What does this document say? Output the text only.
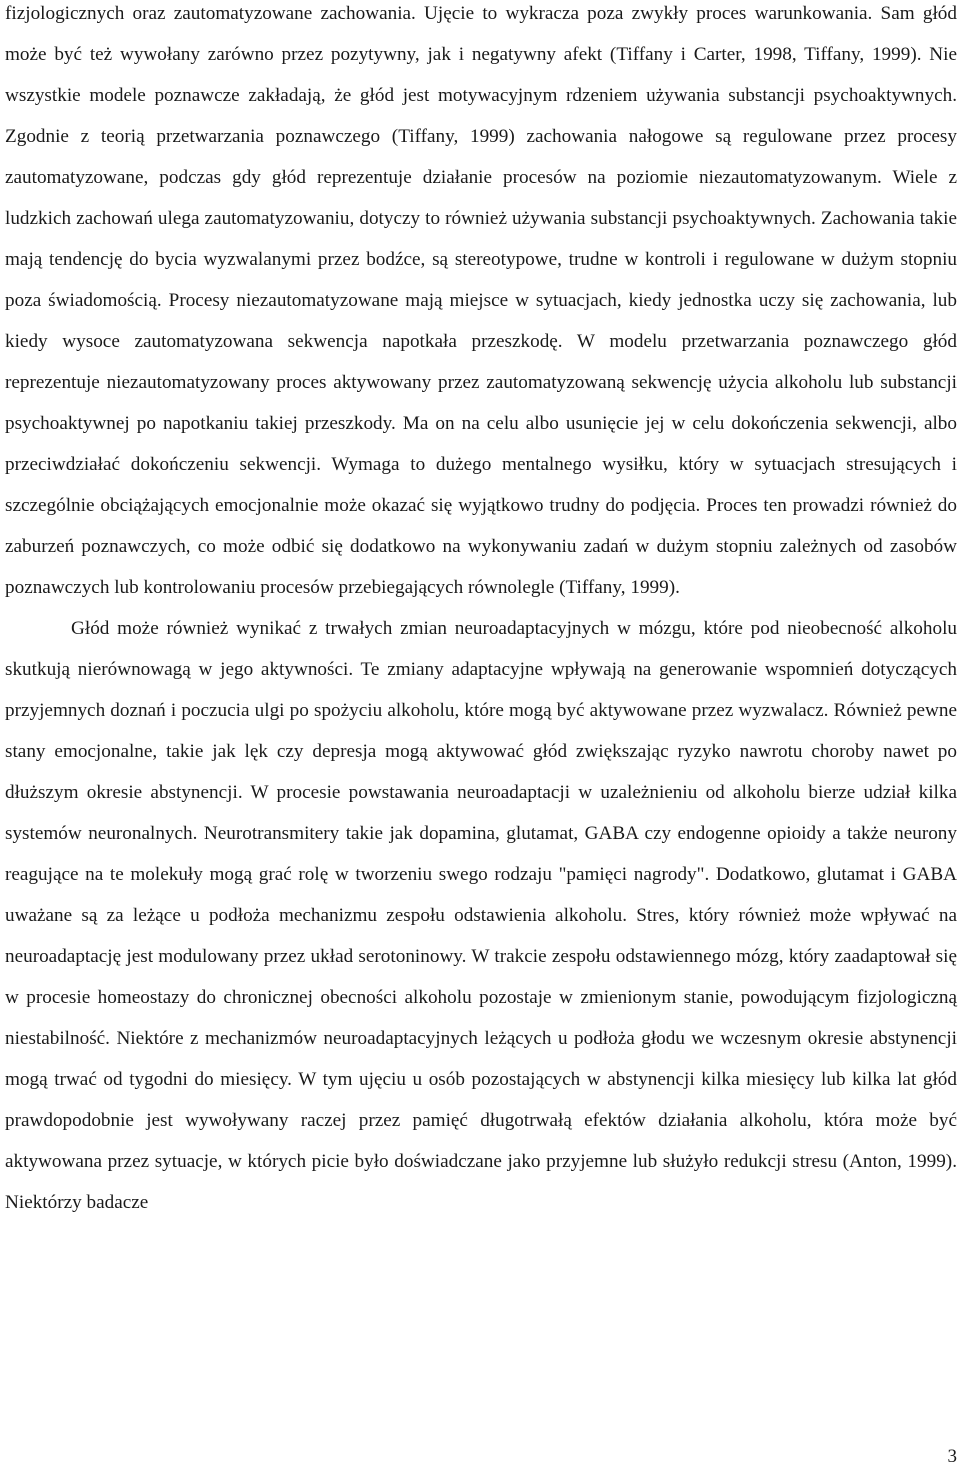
fizjologicznych oraz zautomatyzowane zachowania. Ujęcie to wykracza poza zwykły proces warunkowania. Sam głód może być też wywołany zarówno przez pozytywny, jak i negatywny afekt (Tiffany i Carter, 1998, Tiffany, 1999). Nie wszystkie modele poznawcze zakładają, że głód jest motywacyjnym rdzeniem używania substancji psychoaktywnych. Zgodnie z teorią przetwarzania poznawczego (Tiffany, 1999) zachowania nałogowe są regulowane przez procesy zautomatyzowane, podczas gdy głód reprezentuje działanie procesów na poziomie niezautomatyzowanym. Wiele z ludzkich zachowań ulega zautomatyzowaniu, dotyczy to również używania substancji psychoaktywnych. Zachowania takie mają tendencję do bycia wyzwalanymi przez bodźce, są stereotypowe, trudne w kontroli i regulowane w dużym stopniu poza świadomością. Procesy niezautomatyzowane mają miejsce w sytuacjach, kiedy jednostka uczy się zachowania, lub kiedy wysoce zautomatyzowana sekwencja napotkała przeszkodę. W modelu przetwarzania poznawczego głód reprezentuje niezautomatyzowany proces aktywowany przez zautomatyzowaną sekwencję użycia alkoholu lub substancji psychoaktywnej po napotkaniu takiej przeszkody. Ma on na celu albo usunięcie jej w celu dokończenia sekwencji, albo przeciwdziałać dokończeniu sekwencji. Wymaga to dużego mentalnego wysiłku, który w sytuacjach stresujących i szczególnie obciążających emocjonalnie może okazać się wyjątkowo trudny do podjęcia. Proces ten prowadzi również do zaburzeń poznawczych, co może odbić się dodatkowo na wykonywaniu zadań w dużym stopniu zależnych od zasobów poznawczych lub kontrolowaniu procesów przebiegających równolegle (Tiffany, 1999).

Głód może również wynikać z trwałych zmian neuroadaptacyjnych w mózgu, które pod nieobecność alkoholu skutkują nierównowagą w jego aktywności. Te zmiany adaptacyjne wpływają na generowanie wspomnień dotyczących przyjemnych doznań i poczucia ulgi po spożyciu alkoholu, które mogą być aktywowane przez wyzwalacz. Również pewne stany emocjonalne, takie jak lęk czy depresja mogą aktywować głód zwiększając ryzyko nawrotu choroby nawet po dłuższym okresie abstynencji. W procesie powstawania neuroadaptacji w uzależnieniu od alkoholu bierze udział kilka systemów neuronalnych. Neurotransmitery takie jak dopamina, glutamat, GABA czy endogenne opioidy a także neurony reagujące na te molekuły mogą grać rolę w tworzeniu swego rodzaju "pamięci nagrody". Dodatkowo, glutamat i GABA uważane są za leżące u podłoża mechanizmu zespołu odstawienia alkoholu. Stres, który również może wpływać na neuroadaptację jest modulowany przez układ serotoninowy. W trakcie zespołu odstawiennego mózg, który zaadaptował się w procesie homeostazy do chronicznej obecności alkoholu pozostaje w zmienionym stanie, powodującym fizjologiczną niestabilność. Niektóre z mechanizmów neuroadaptacyjnych leżących u podłoża głodu we wczesnym okresie abstynencji mogą trwać od tygodni do miesięcy. W tym ujęciu u osób pozostających w abstynencji kilka miesięcy lub kilka lat głód prawdopodobnie jest wywoływany raczej przez pamięć długotrwałą efektów działania alkoholu, która może być aktywowana przez sytuacje, w których picie było doświadczane jako przyjemne lub służyło redukcji stresu (Anton, 1999). Niektórzy badacze

3
